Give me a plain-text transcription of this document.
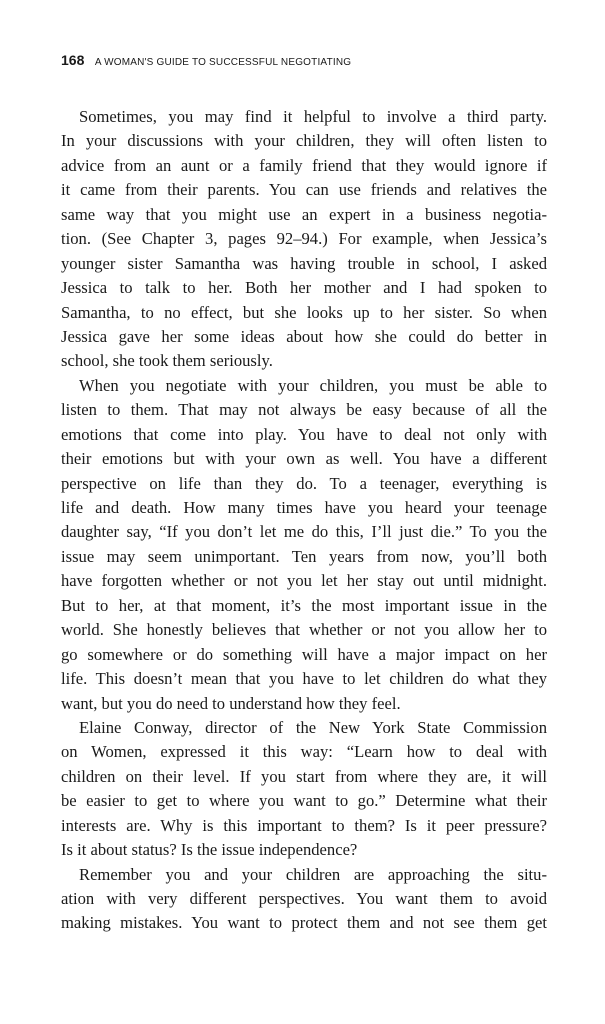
168 A WOMAN'S GUIDE TO SUCCESSFUL NEGOTIATING
Sometimes, you may find it helpful to involve a third party.
In your discussions with your children, they will often listen to
advice from an aunt or a family friend that they would ignore if
it came from their parents. You can use friends and relatives the
same way that you might use an expert in a business negotia-
tion. (See Chapter 3, pages 92–94.) For example, when Jessica’s
younger sister Samantha was having trouble in school, I asked
Jessica to talk to her. Both her mother and I had spoken to
Samantha, to no effect, but she looks up to her sister. So when
Jessica gave her some ideas about how she could do better in
school, she took them seriously.
When you negotiate with your children, you must be able to
listen to them. That may not always be easy because of all the
emotions that come into play. You have to deal not only with
their emotions but with your own as well. You have a different
perspective on life than they do. To a teenager, everything is
life and death. How many times have you heard your teenage
daughter say, “If you don’t let me do this, I’ll just die.” To you the
issue may seem unimportant. Ten years from now, you’ll both
have forgotten whether or not you let her stay out until midnight.
But to her, at that moment, it’s the most important issue in the
world. She honestly believes that whether or not you allow her to
go somewhere or do something will have a major impact on her
life. This doesn’t mean that you have to let children do what they
want, but you do need to understand how they feel.
Elaine Conway, director of the New York State Commission
on Women, expressed it this way: “Learn how to deal with
children on their level. If you start from where they are, it will
be easier to get to where you want to go.” Determine what their
interests are. Why is this important to them? Is it peer pressure?
Is it about status? Is the issue independence?
Remember you and your children are approaching the situ-
ation with very different perspectives. You want them to avoid
making mistakes. You want to protect them and not see them get
